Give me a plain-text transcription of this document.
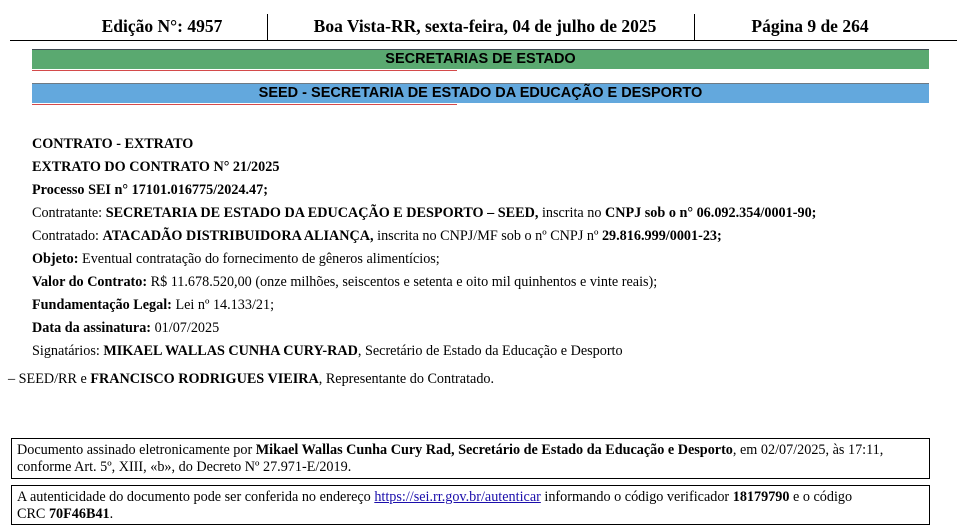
Edição N°: 4957	Boa Vista-RR, sexta-feira, 04 de julho de 2025	Página 9 de 264
SECRETARIAS DE ESTADO
SEED - SECRETARIA DE ESTADO DA EDUCAÇÃO E DESPORTO
CONTRATO - EXTRATO
EXTRATO DO CONTRATO N° 21/2025
Processo SEI n° 17101.016775/2024.47;
Contratante: SECRETARIA DE ESTADO DA EDUCAÇÃO E DESPORTO – SEED, inscrita no CNPJ sob o n° 06.092.354/0001-90;
Contratado: ATACADÃO DISTRIBUIDORA ALIANÇA, inscrita no CNPJ/MF sob o nº CNPJ nº 29.816.999/0001-23;
Objeto: Eventual contratação do fornecimento de gêneros alimentícios;
Valor do Contrato: R$ 11.678.520,00 (onze milhões, seiscentos e setenta e oito mil quinhentos e vinte reais);
Fundamentação Legal: Lei nº 14.133/21;
Data da assinatura: 01/07/2025
Signatários: MIKAEL WALLAS CUNHA CURY-RAD, Secretário de Estado da Educação e Desporto
– SEED/RR e FRANCISCO RODRIGUES VIEIRA, Representante do Contratado.
Documento assinado eletronicamente por Mikael Wallas Cunha Cury Rad, Secretário de Estado da Educação e Desporto, em 02/07/2025, às 17:11,
conforme Art. 5º, XIII, «b», do Decreto Nº 27.971-E/2019.
A autenticidade do documento pode ser conferida no endereço https://sei.rr.gov.br/autenticar informando o código verificador 18179790 e o código
CRC 70F46B41.
